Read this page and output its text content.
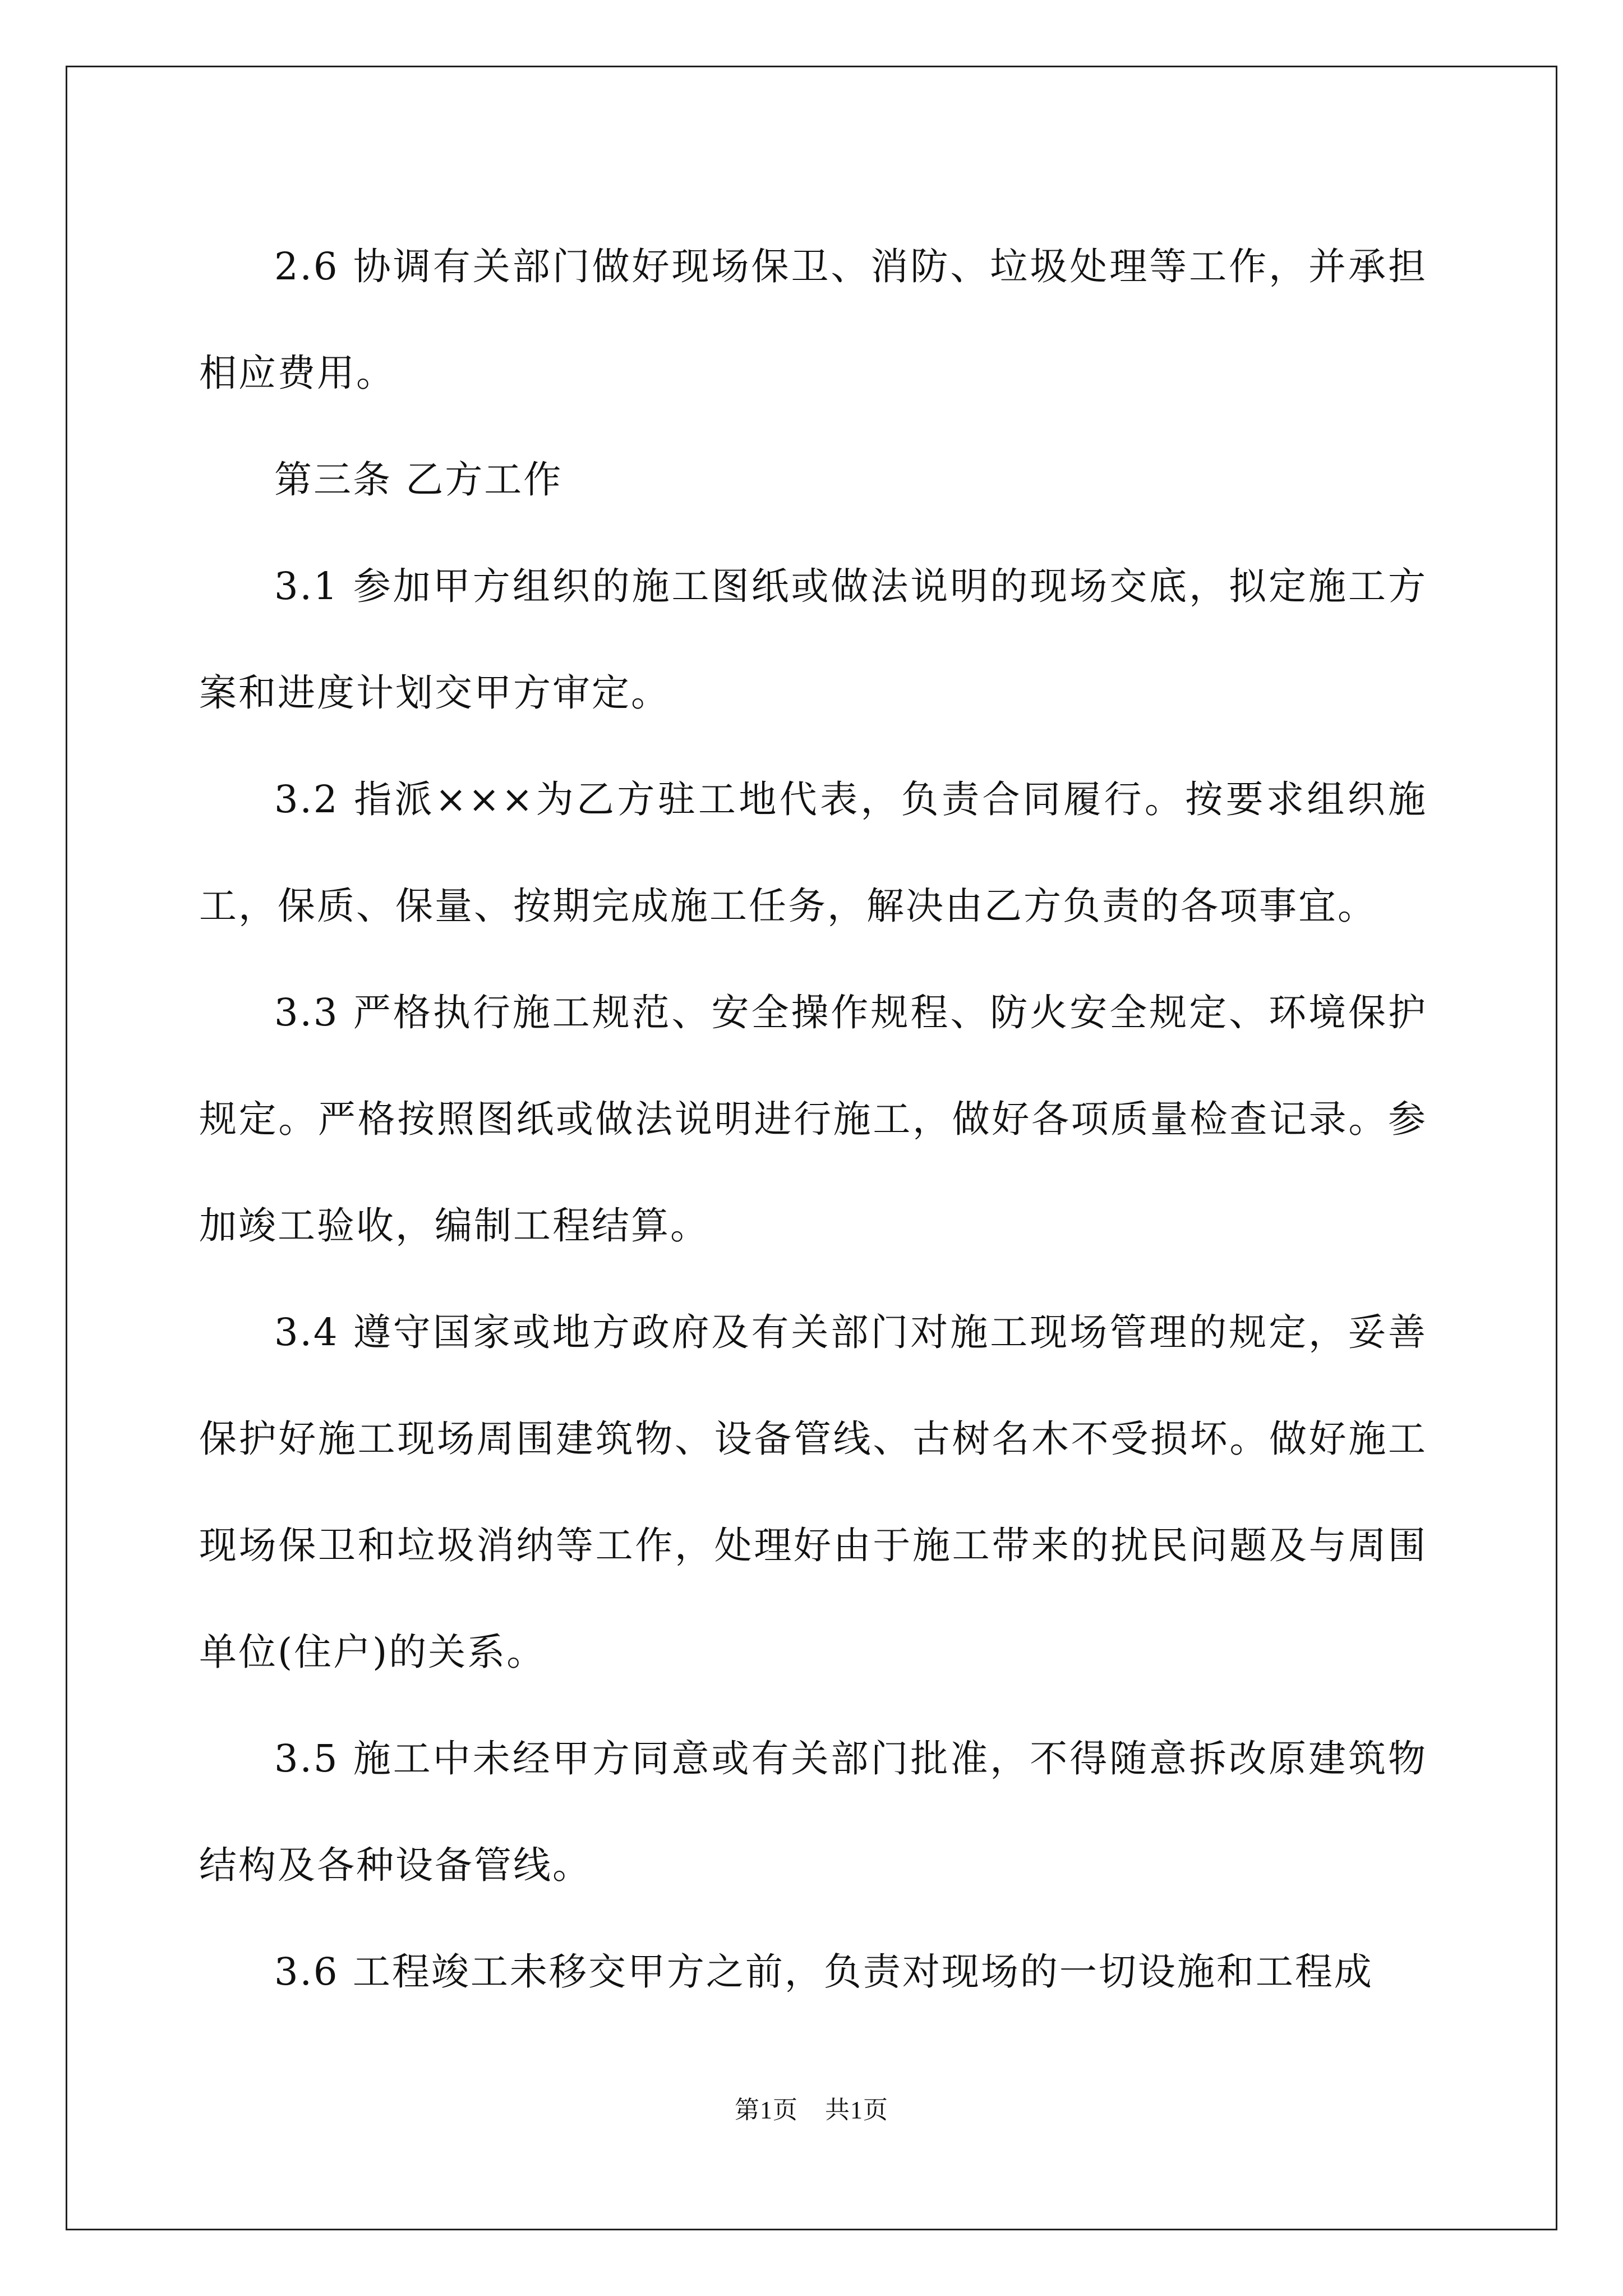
2.6 协调有关部门做好现场保卫、消防、垃圾处理等工作，并承担相应费用。

第三条 乙方工作

3.1 参加甲方组织的施工图纸或做法说明的现场交底，拟定施工方案和进度计划交甲方审定。

3.2 指派×××为乙方驻工地代表，负责合同履行。按要求组织施工，保质、保量、按期完成施工任务，解决由乙方负责的各项事宜。

3.3 严格执行施工规范、安全操作规程、防火安全规定、环境保护规定。严格按照图纸或做法说明进行施工，做好各项质量检查记录。参加竣工验收，编制工程结算。

3.4 遵守国家或地方政府及有关部门对施工现场管理的规定，妥善保护好施工现场周围建筑物、设备管线、古树名木不受损坏。做好施工现场保卫和垃圾消纳等工作，处理好由于施工带来的扰民问题及与周围单位(住户)的关系。

3.5 施工中未经甲方同意或有关部门批准，不得随意拆改原建筑物结构及各种设备管线。

3.6 工程竣工未移交甲方之前，负责对现场的一切设施和工程成

第1页 共1页
